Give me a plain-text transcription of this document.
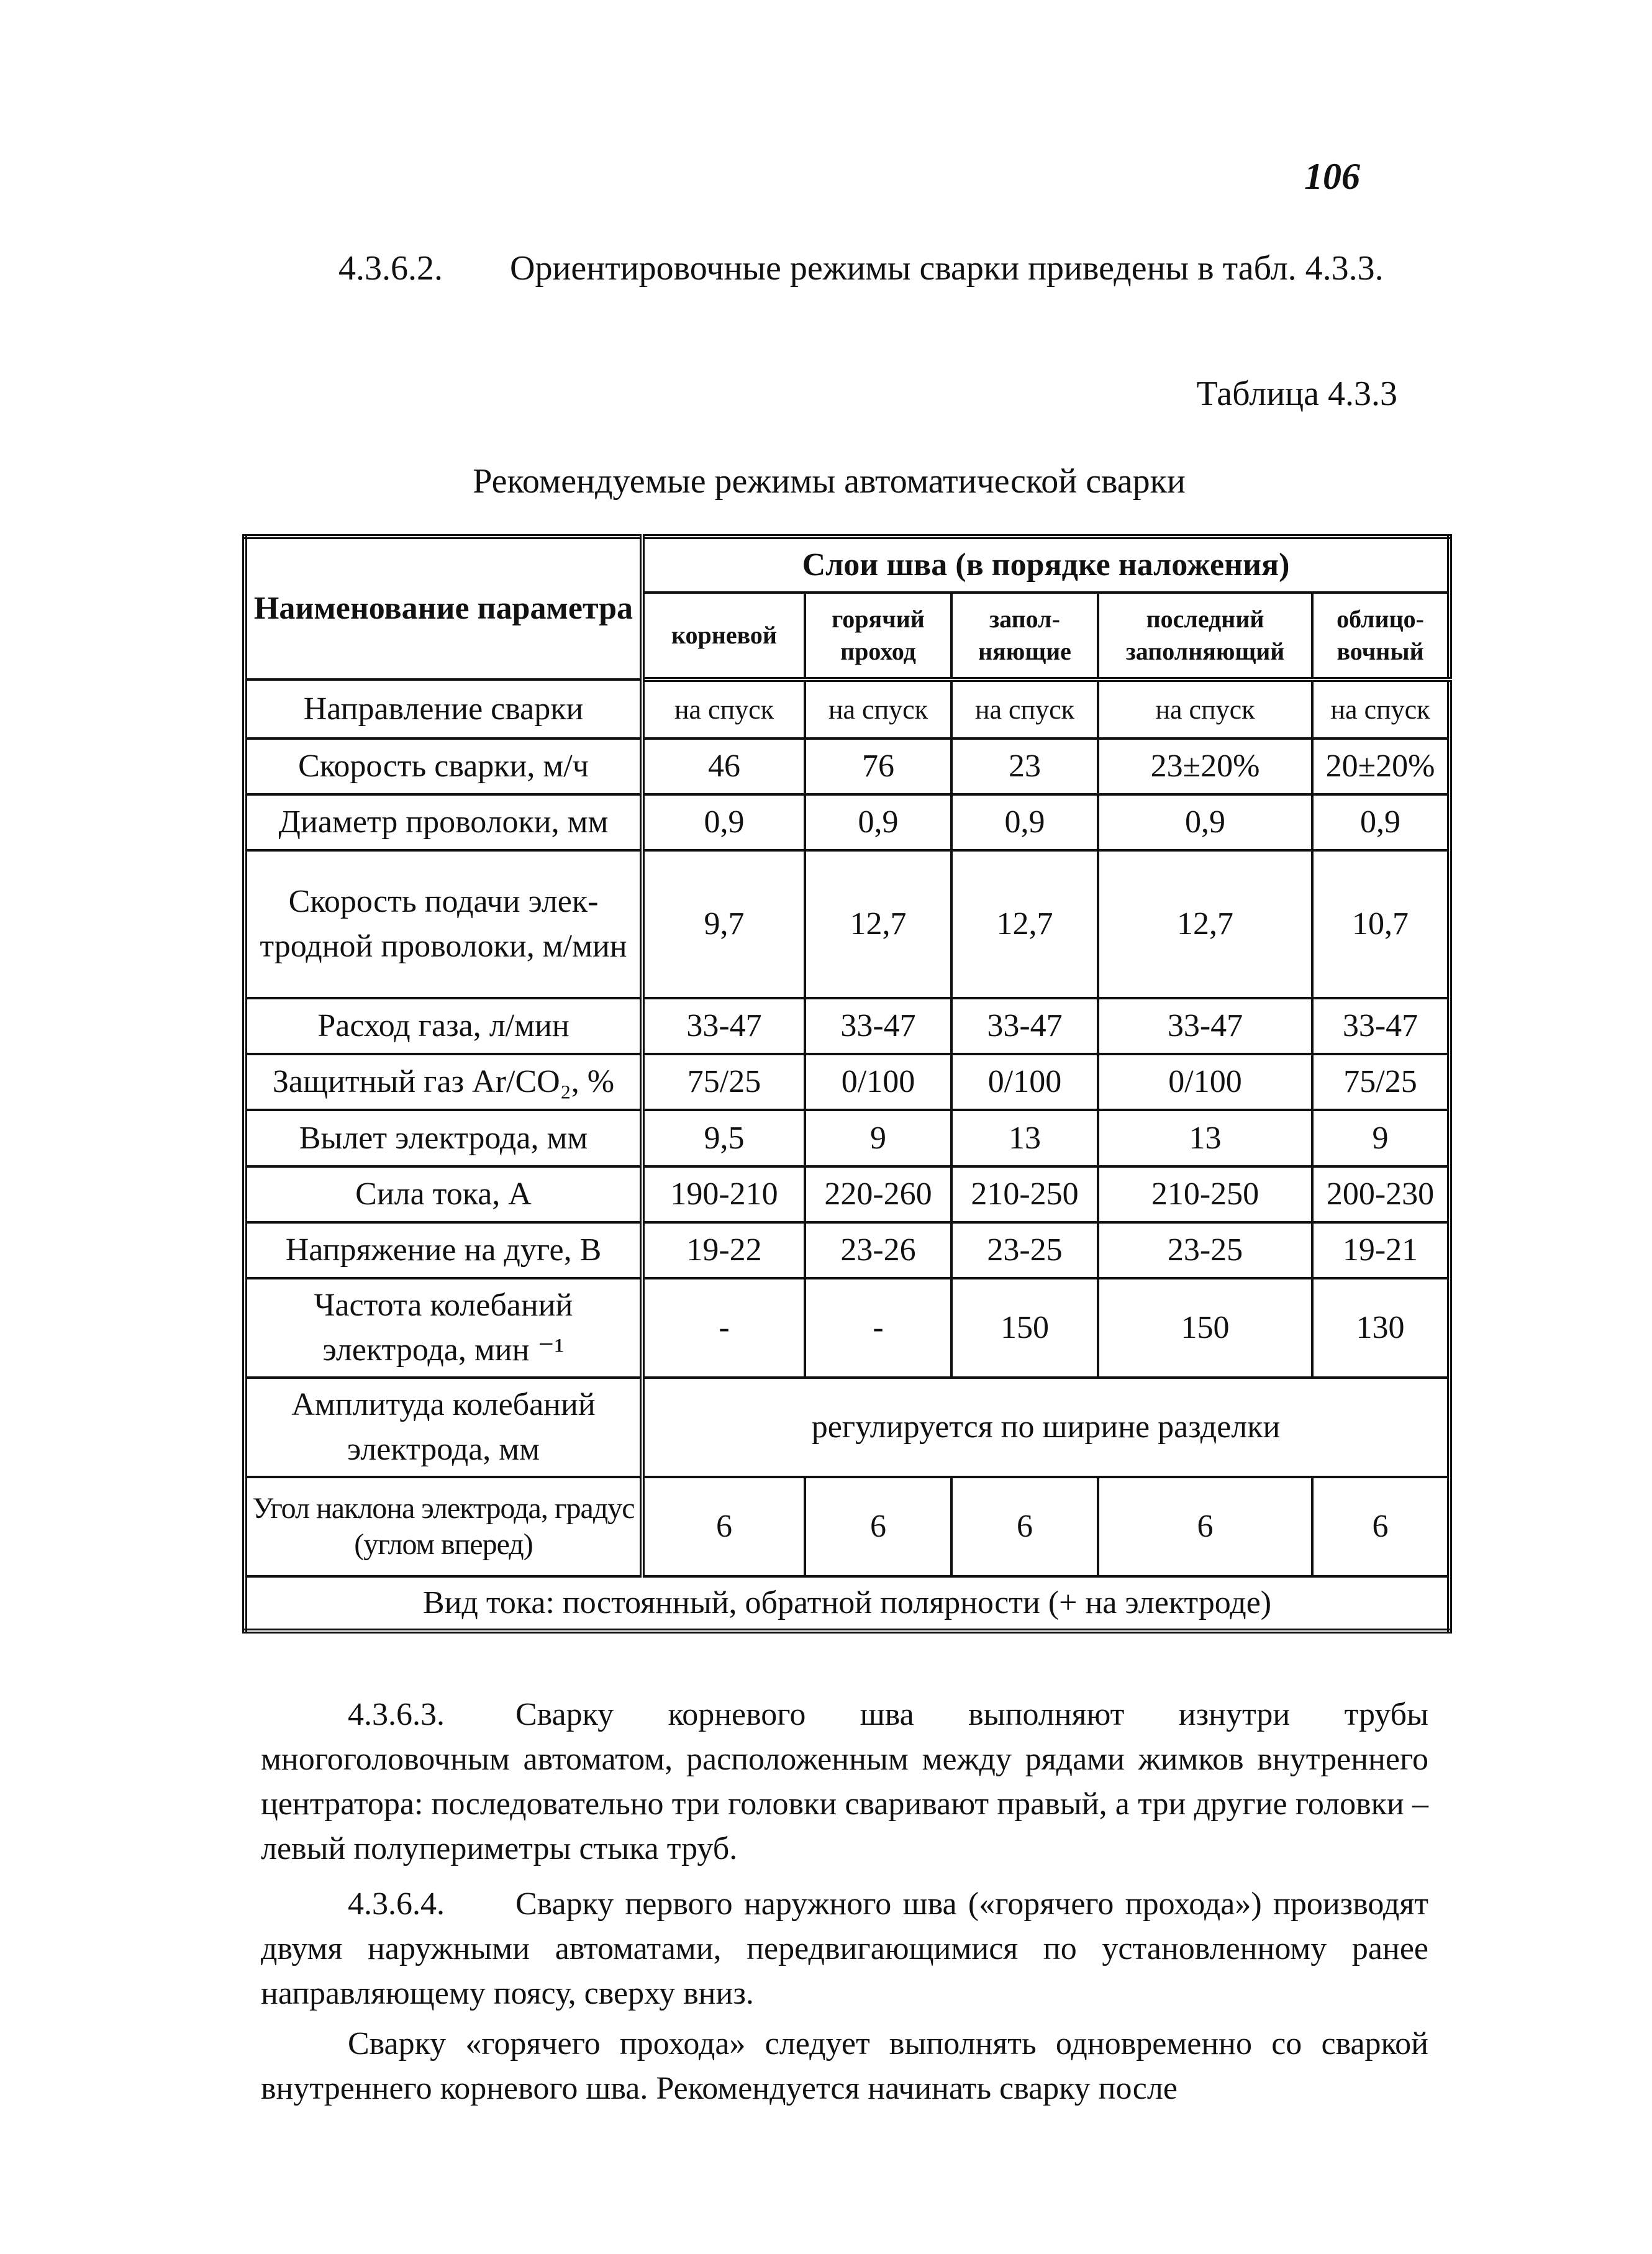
106
4.3.6.2. Ориентировочные режимы сварки приведены в табл. 4.3.3.
Таблица 4.3.3
Рекомендуемые режимы автоматической сварки
Наименование параметра	Слои шва (в порядке наложения)				
	корневой	горячий проход	запол-няющие	последний заполняющий	облицо-вочный
Направление сварки	на спуск	на спуск	на спуск	на спуск	на спуск
Скорость сварки, м/ч	46	76	23	23±20%	20±20%
Диаметр проволоки, мм	0,9	0,9	0,9	0,9	0,9
Скорость подачи элек-тродной проволоки, м/мин	9,7	12,7	12,7	12,7	10,7
Расход газа, л/мин	33-47	33-47	33-47	33-47	33-47
Защитный газ Ar/CO₂, %	75/25	0/100	0/100	0/100	75/25
Вылет электрода, мм	9,5	9	13	13	9
Сила тока, А	190-210	220-260	210-250	210-250	200-230
Напряжение на дуге, В	19-22	23-26	23-25	23-25	19-21
Частота колебаний электрода, мин ⁻¹	-	-	150	150	130
Амплитуда колебаний электрода, мм	регулируется по ширине разделки				
Угол наклона электрода, градус (углом вперед)	6	6	6	6	6
Вид тока: постоянный, обратной полярности (+ на электроде)					
4.3.6.3. Сварку корневого шва выполняют изнутри трубы многоголовочным автоматом, расположенным между рядами жимков внутреннего центратора: последовательно три головки сваривают правый, а три другие головки – левый полупериметры стыка труб.
4.3.6.4. Сварку первого наружного шва («горячего прохода») производят двумя наружными автоматами, передвигающимися по установленному ранее направляющему поясу, сверху вниз.
Сварку «горячего прохода» следует выполнять одновременно со сваркой внутреннего корневого шва. Рекомендуется начинать сварку после
